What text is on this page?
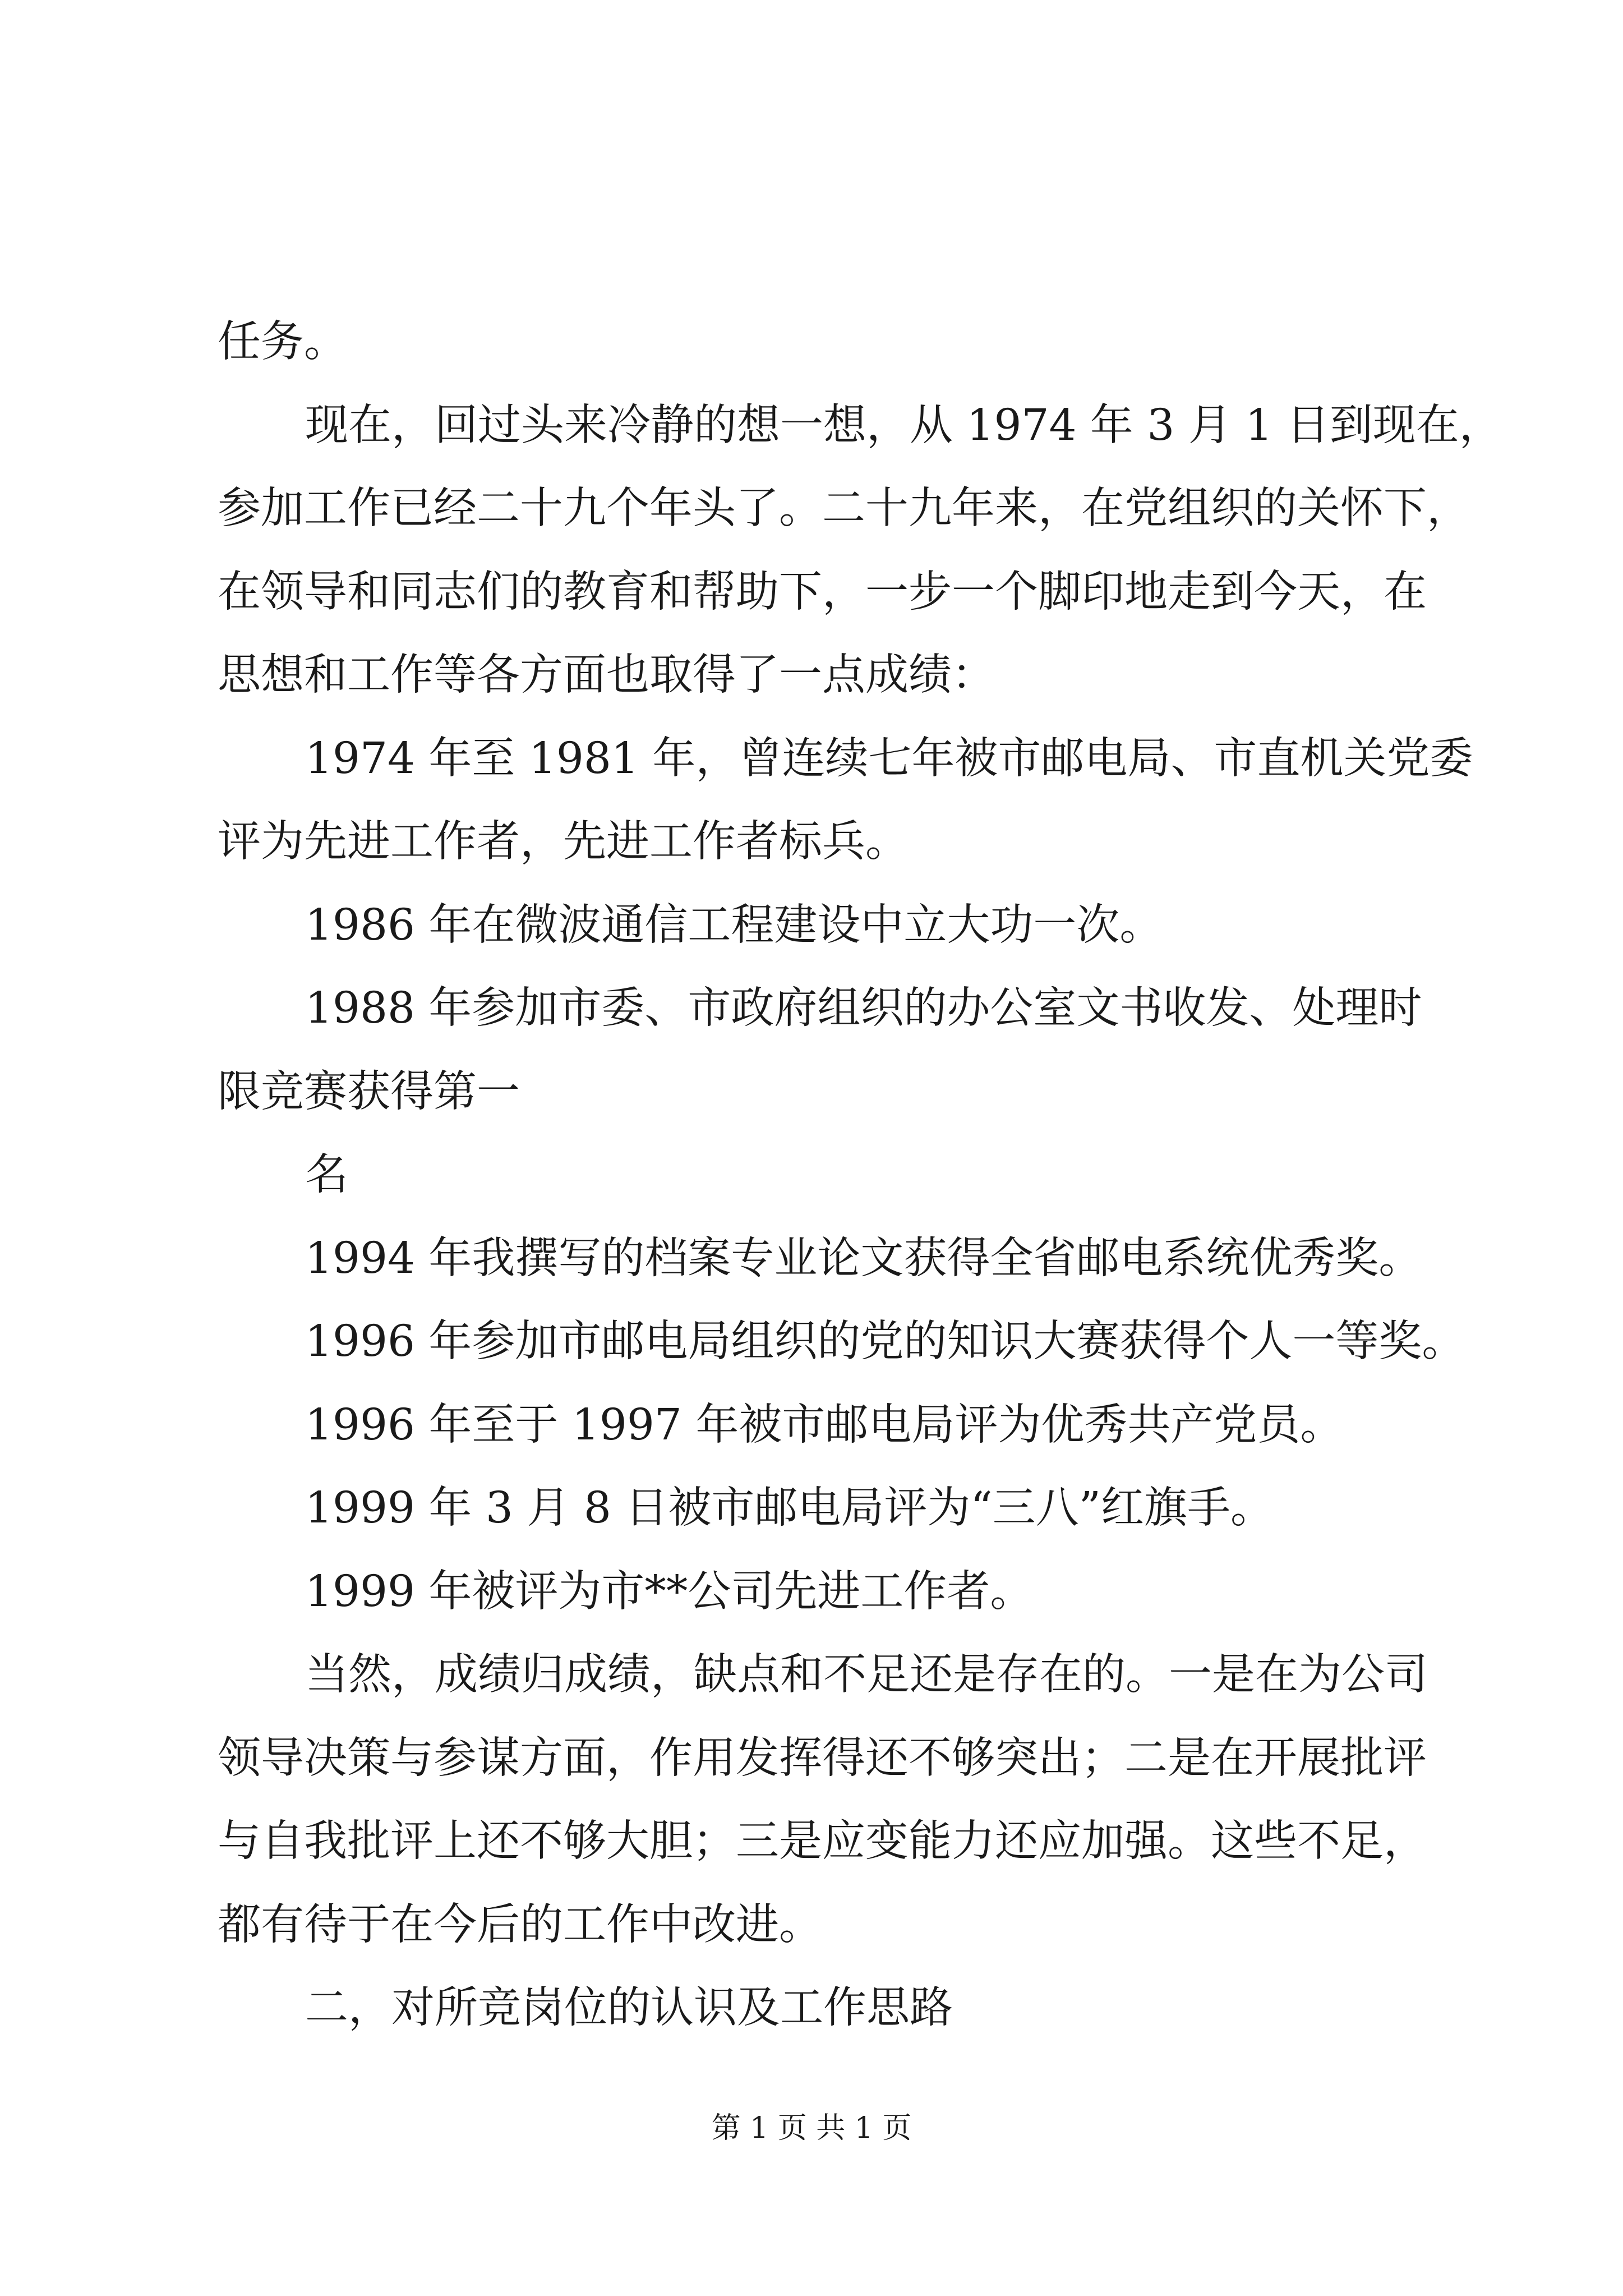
任务。

现在，回过头来冷静的想一想，从 1974 年 3 月 1 日到现在，

参加工作已经二十九个年头了。二十九年来，在党组织的关怀下，

在领导和同志们的教育和帮助下，一步一个脚印地走到今天，在

思想和工作等各方面也取得了一点成绩：

1974 年至 1981 年，曾连续七年被市邮电局、市直机关党委

评为先进工作者，先进工作者标兵。

1986 年在微波通信工程建设中立大功一次。

1988 年参加市委、市政府组织的办公室文书收发、处理时

限竞赛获得第一

名

1994 年我撰写的档案专业论文获得全省邮电系统优秀奖。

1996 年参加市邮电局组织的党的知识大赛获得个人一等奖。

1996 年至于 1997 年被市邮电局评为优秀共产党员。

1999 年 3 月 8 日被市邮电局评为“三八”红旗手。

1999 年被评为市**公司先进工作者。

当然，成绩归成绩，缺点和不足还是存在的。一是在为公司

领导决策与参谋方面，作用发挥得还不够突出；二是在开展批评

与自我批评上还不够大胆；三是应变能力还应加强。这些不足，

都有待于在今后的工作中改进。

二，对所竞岗位的认识及工作思路

第 1 页 共 1 页
